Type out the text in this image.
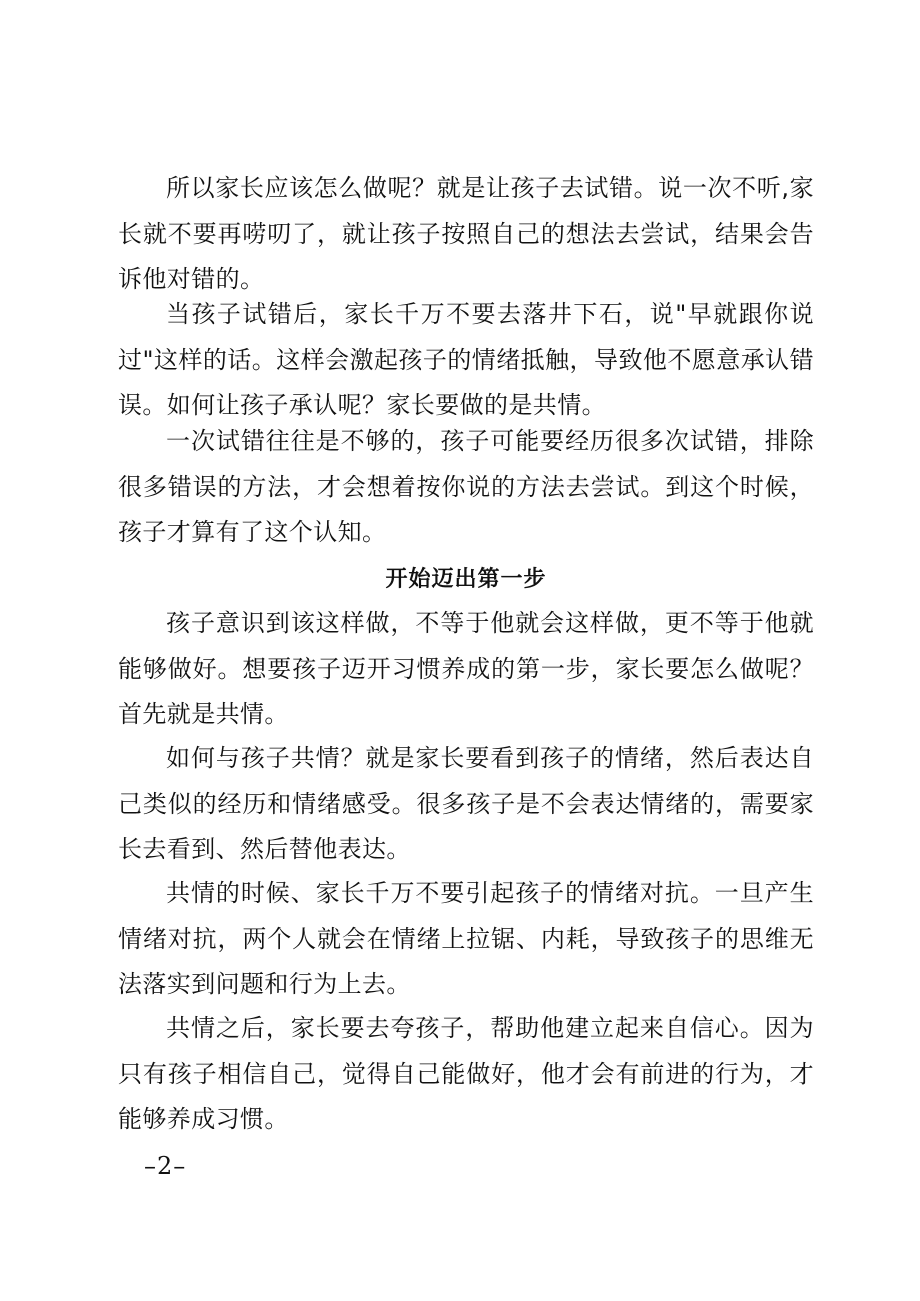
所以家长应该怎么做呢？就是让孩子去试错。说一次不听,家长就不要再唠叨了，就让孩子按照自己的想法去尝试，结果会告诉他对错的。

当孩子试错后，家长千万不要去落井下石，说"早就跟你说过"这样的话。这样会激起孩子的情绪抵触，导致他不愿意承认错误。如何让孩子承认呢？家长要做的是共情。

一次试错往往是不够的，孩子可能要经历很多次试错，排除很多错误的方法，才会想着按你说的方法去尝试。到这个时候，孩子才算有了这个认知。

开始迈出第一步

孩子意识到该这样做，不等于他就会这样做，更不等于他就能够做好。想要孩子迈开习惯养成的第一步，家长要怎么做呢？首先就是共情。

如何与孩子共情？就是家长要看到孩子的情绪，然后表达自己类似的经历和情绪感受。很多孩子是不会表达情绪的，需要家长去看到、然后替他表达。

共情的时候、家长千万不要引起孩子的情绪对抗。一旦产生情绪对抗，两个人就会在情绪上拉锯、内耗，导致孩子的思维无法落实到问题和行为上去。

共情之后，家长要去夸孩子，帮助他建立起来自信心。因为只有孩子相信自己，觉得自己能做好，他才会有前进的行为，才能够养成习惯。

–2–
